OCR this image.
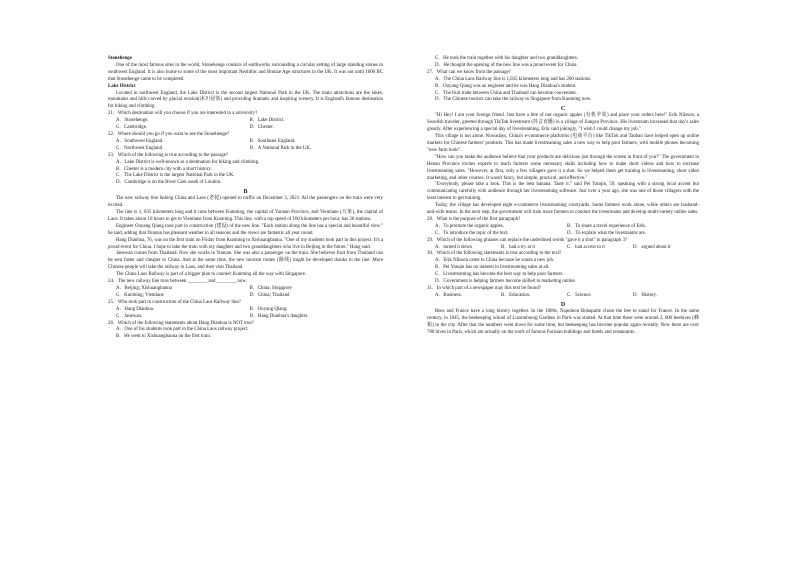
Stonehenge

One of the most famous sites in the world, Stonehenge consists of earthworks surrounding a circular setting of large standing stones in southwest England. It is also home to some of the most important Neolithic and Bronze Age structures in the UK. It was not until 1600 BC that Stonehenge came to be completed.

Lake District

Located in northwest England, the Lake District is the second largest National Park in the UK. The main attractions are the lakes, mountains and hills carved by glacial erosion(冰川侵蚀) and providing dramatic and inspiring scenery. It is England's famous destination for hiking and climbing.

21．Which destination will you choose if you are interested in a university?

A．Stonehenge.	B．Lake District.
C．Cambridge.	D．Chester.

22．Where should you go if you want to see the Stonehenge?

A．Southwest England.	B．Southeast England.
C．Northwest England.	D．A National Park in the UK.

23．Which of the following is true according to the passage?

A．Lake District is well-known as a destination for hiking and climbing.

B．Chester is a modern city with a short history.

C．The Lake District is the largest National Park in the UK.

D．Cambridge is on the River Cam south of London.

B

The new railway line linking China and Laos (老挝) opened to traffic on December 3, 2021. All the passengers on the train were very excited.

The line is 1, 035 kilometers long and it runs between Kunming, the capital of Yunnan Province, and Vientiane (万象), the capital of Laos. It takes about 10 hours to get to Vientiane from Kunming. This line, with a top speed of 160 kilometers per hour, has 20 stations.

Engineer Ouyang Qiang took part in construction (建设) of the new line. "Each station along the line has a special and beautiful view." he said, adding that Yunnan has pleasant weather in all seasons and the views are fantastic all year round.

Hang Dianhua, 76, was on the first train on Friday from Kunming to Xishuangbanna. "One of my students took part in this project. It's a proud event for China. I hope to take the train with my daughter and two granddaughters who live in Beijing in the future." Hang said.

Janewan comes from Thailand. Now she works in Yunnan. She was also a passenger on the train. She believes fruit from Thailand can be sent faster and cheaper to China. And at the same time, the new tourism routes (路线) might be developed thanks to the line. More Chinese people will take the railway to Laos, and then visit Thailand.

The China Laos Railway is part of a bigger plan to connect Kunming all the way with Singapore.

24．The new railway line runs between ________ and ________ now.

A．Beijing; Xishuangbanna	B．China; Singapore
C．Kunming; Vientiane	D．China; Thailand

25．Who took part in construction of the China Laos Railway line?

A．Hang Dianhua.	B．Ouyang Qiang.
C．Janewan.	D．Hang Dianhua's daughter.

26．Which of the following statements about Hang Dianhua is NOT true?

A．One of his students took part in the China Laos railway project.

B．He went to Xishuangbanna on the first train.

C．He took the train together with his daughter and two granddaughters.

D．He thought the opening of the new line was a proud event for China.

27．What can we know from the passage?

A．The China Laos Railway line is 1,035 kilometers long and has 200 stations.

B．Ouyang Qiang was an engineer and he was Hang Dianhua's student.

C．The fruit trade between China and Thailand can become convenient.

D．The Chinese tourists can take the railway to Singapore from Kunming now.

C

"Hi Hey! I am your foreign friend. Just have a bite of our organic apples (有机苹果) and place your orders here!" Erik Nilsson, a Swedish traveler, greeted through TikTok livestream (抖音直播) in a village of Jiangsu Province. His livestream increased that day's sales greatly. After experiencing a special day of livestreaming, Erik said jokingly, "I wish I could change my job."

This village is not alone. Nowadays, China's e-commerce platforms (电商平台) like TikTok and Taobao have helped open up online markets for Chinese farmers' products. This has made livestreaming sales a new way to help poor farmers, with mobile phones becoming "new farm tools".

"How can you make the audience believe that your products are delicious just through the screen in front of you?" The government in Henan Province invites experts to teach farmers some necessary skills including how to make short videos and how to increase livestreaming sales. "However, at first, only a few villagers gave it a shot. So we helped them get training in livestreaming, short video marketing, and other courses. It wasn't fancy, but simple, practical, and effective."

"Everybody, please take a look. This is the best banana. Taste it." said Pei Yanqin, 59, speaking with a strong local accent but communicating carefully with audience through her livestreaming software. Just over a year ago, she was one of those villagers with the least interest to get training.

Today, the village has developed eight e-commerce livestreaming courtyards. Some farmers work alone, while others are husband-and-wife teams. In the next step, the government will train more farmers to conduct the livestreams and develop multi-variety online sales.

28．What is the purpose of the first paragraph?

A．To promote the organic apples.	B．To share a travel experience of Erik.
C．To introduce the topic of the text.	D．To explain what the livestreams are.

29．Which of the following phrases can replace the underlined words "gave it a shot" in paragraph 3?

A．turned it down	B．had a try at it	C．had access to it	D．argued about it

30．Which of the following statements is true according to the text?

A．Erik Nilsson came to China because he wants a new job.

B．Pei Yanqin has no interest in livestreaming sales at all.

C．Livestreaming has become the best way to help poor farmers.

D．Government is helping farmers become skilled in marketing online.

31．In which part of a newspaper may this text be found?

A．Business.	B．Education.	C．Science.	D．History.
D

Bees and France have a long history together. In the 1800s, Napoleon Bonaparte chose the bee to stand for France. In the same century, in 1845, the beekeeping school of Luxembourg Gardens in Paris was started. At that time there were around 2, 000 beehives (蜂箱) in the city. After that the numbers went down for some time, but beekeeping has become popular again recently. Now there are over 700 hives in Paris, which are actually on the roofs of famous Parisian buildings and hotels and restaurants.
